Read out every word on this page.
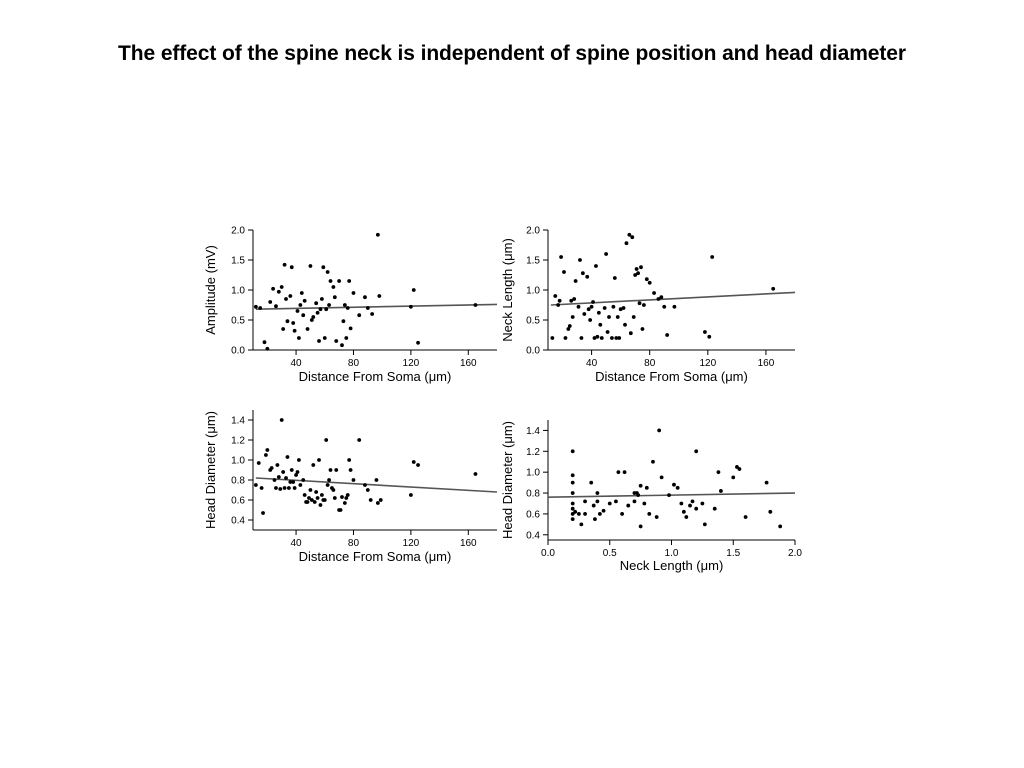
The effect of the spine neck is independent of spine position and head diameter
0.0
0.5
1.0
1.5
2.0
40	80	120	160
Distance From Soma (μm)
Amplitude (mV)
0.0
0.5
1.0
1.5
2.0
40	80	120	160
Distance From Soma (μm)
Neck Length (μm)
0.4
0.6
0.8
1.0
1.2
1.4
40	80	120	160
Distance From Soma (μm)
Head Diameter (μm)
0.4
0.6
0.8
1.0
1.2
1.4
0.0	0.5	1.0	1.5	2.0
Neck Length (μm)
Head Diameter (μm)
